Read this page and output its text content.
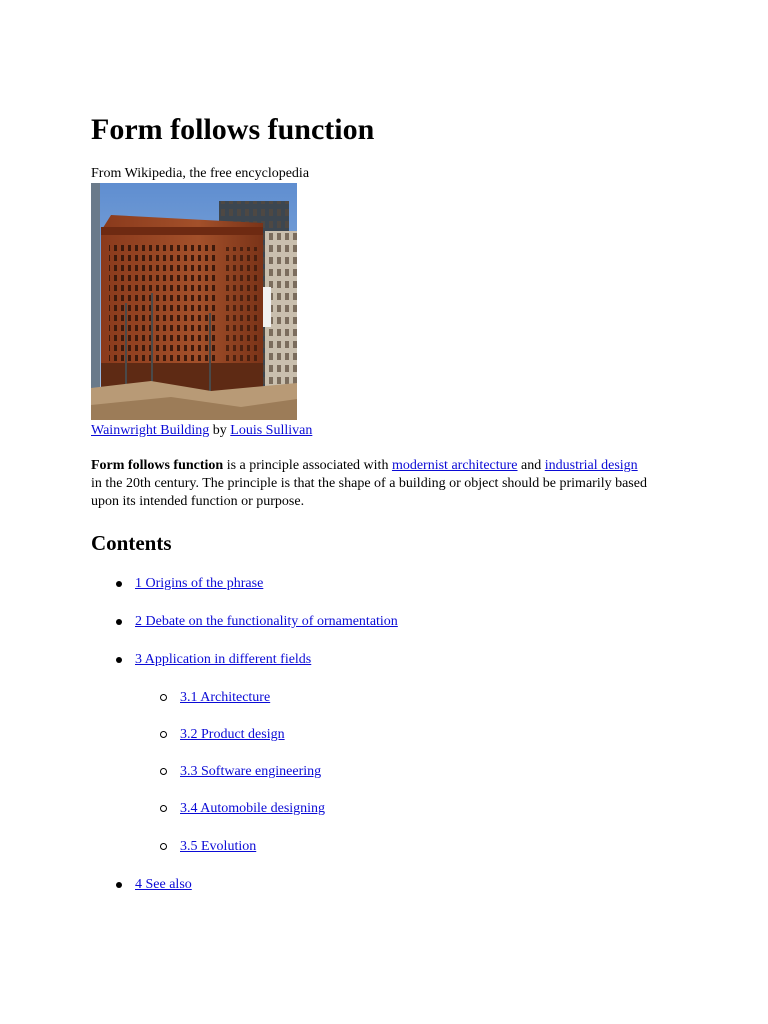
Form follows function
From Wikipedia, the free encyclopedia
Wainwright Building by Louis Sullivan

Form follows function is a principle associated with modernist architecture and industrial design in the 20th century. The principle is that the shape of a building or object should be primarily based upon its intended function or purpose.

Contents
1 Origins of the phrase
2 Debate on the functionality of ornamentation
3 Application in different fields
3.1 Architecture
3.2 Product design
3.3 Software engineering
3.4 Automobile designing
3.5 Evolution
4 See also
